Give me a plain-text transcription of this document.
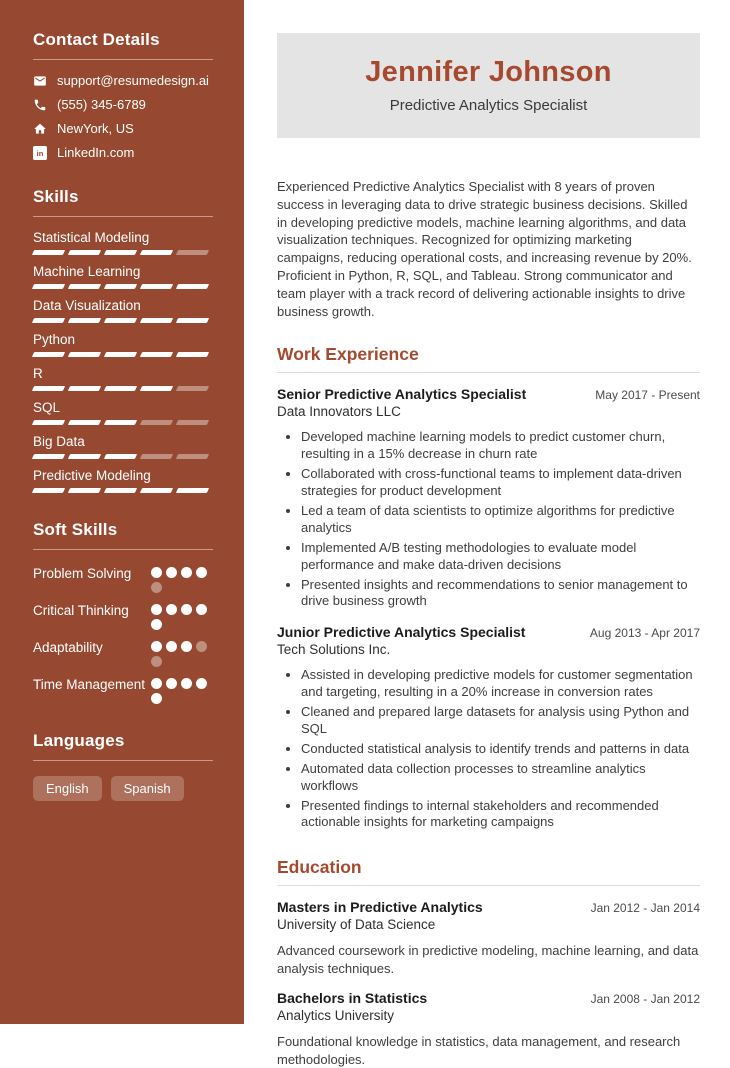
Contact Details
support@resumedesign.ai
(555) 345-6789
NewYork, US
in LinkedIn.com
Skills
Statistical Modeling
Machine Learning
Data Visualization
Python
R
SQL
Big Data
Predictive Modeling
Soft Skills
Problem Solving
Critical Thinking
Adaptability
Time Management
Languages
English	Spanish
Jennifer Johnson

Predictive Analytics Specialist

Experienced Predictive Analytics Specialist with 8 years of proven success in leveraging data to drive strategic business decisions. Skilled in developing predictive models, machine learning algorithms, and data visualization techniques. Recognized for optimizing marketing campaigns, reducing operational costs, and increasing revenue by 20%. Proficient in Python, R, SQL, and Tableau. Strong communicator and team player with a track record of delivering actionable insights to drive business growth.

Work Experience
Senior Predictive Analytics Specialist	May 2017 - Present
Data Innovators LLC
• Developed machine learning models to predict customer churn, resulting in a 15% decrease in churn rate
• Collaborated with cross-functional teams to implement data-driven strategies for product development
• Led a team of data scientists to optimize algorithms for predictive analytics
• Implemented A/B testing methodologies to evaluate model performance and make data-driven decisions
• Presented insights and recommendations to senior management to drive business growth
Junior Predictive Analytics Specialist	Aug 2013 - Apr 2017
Tech Solutions Inc.
• Assisted in developing predictive models for customer segmentation and targeting, resulting in a 20% increase in conversion rates
• Cleaned and prepared large datasets for analysis using Python and SQL
• Conducted statistical analysis to identify trends and patterns in data
• Automated data collection processes to streamline analytics workflows
• Presented findings to internal stakeholders and recommended actionable insights for marketing campaigns
Education
Masters in Predictive Analytics	Jan 2012 - Jan 2014
University of Data Science

Advanced coursework in predictive modeling, machine learning, and data analysis techniques.

Bachelors in Statistics	Jan 2008 - Jan 2012
Analytics University

Foundational knowledge in statistics, data management, and research methodologies.
